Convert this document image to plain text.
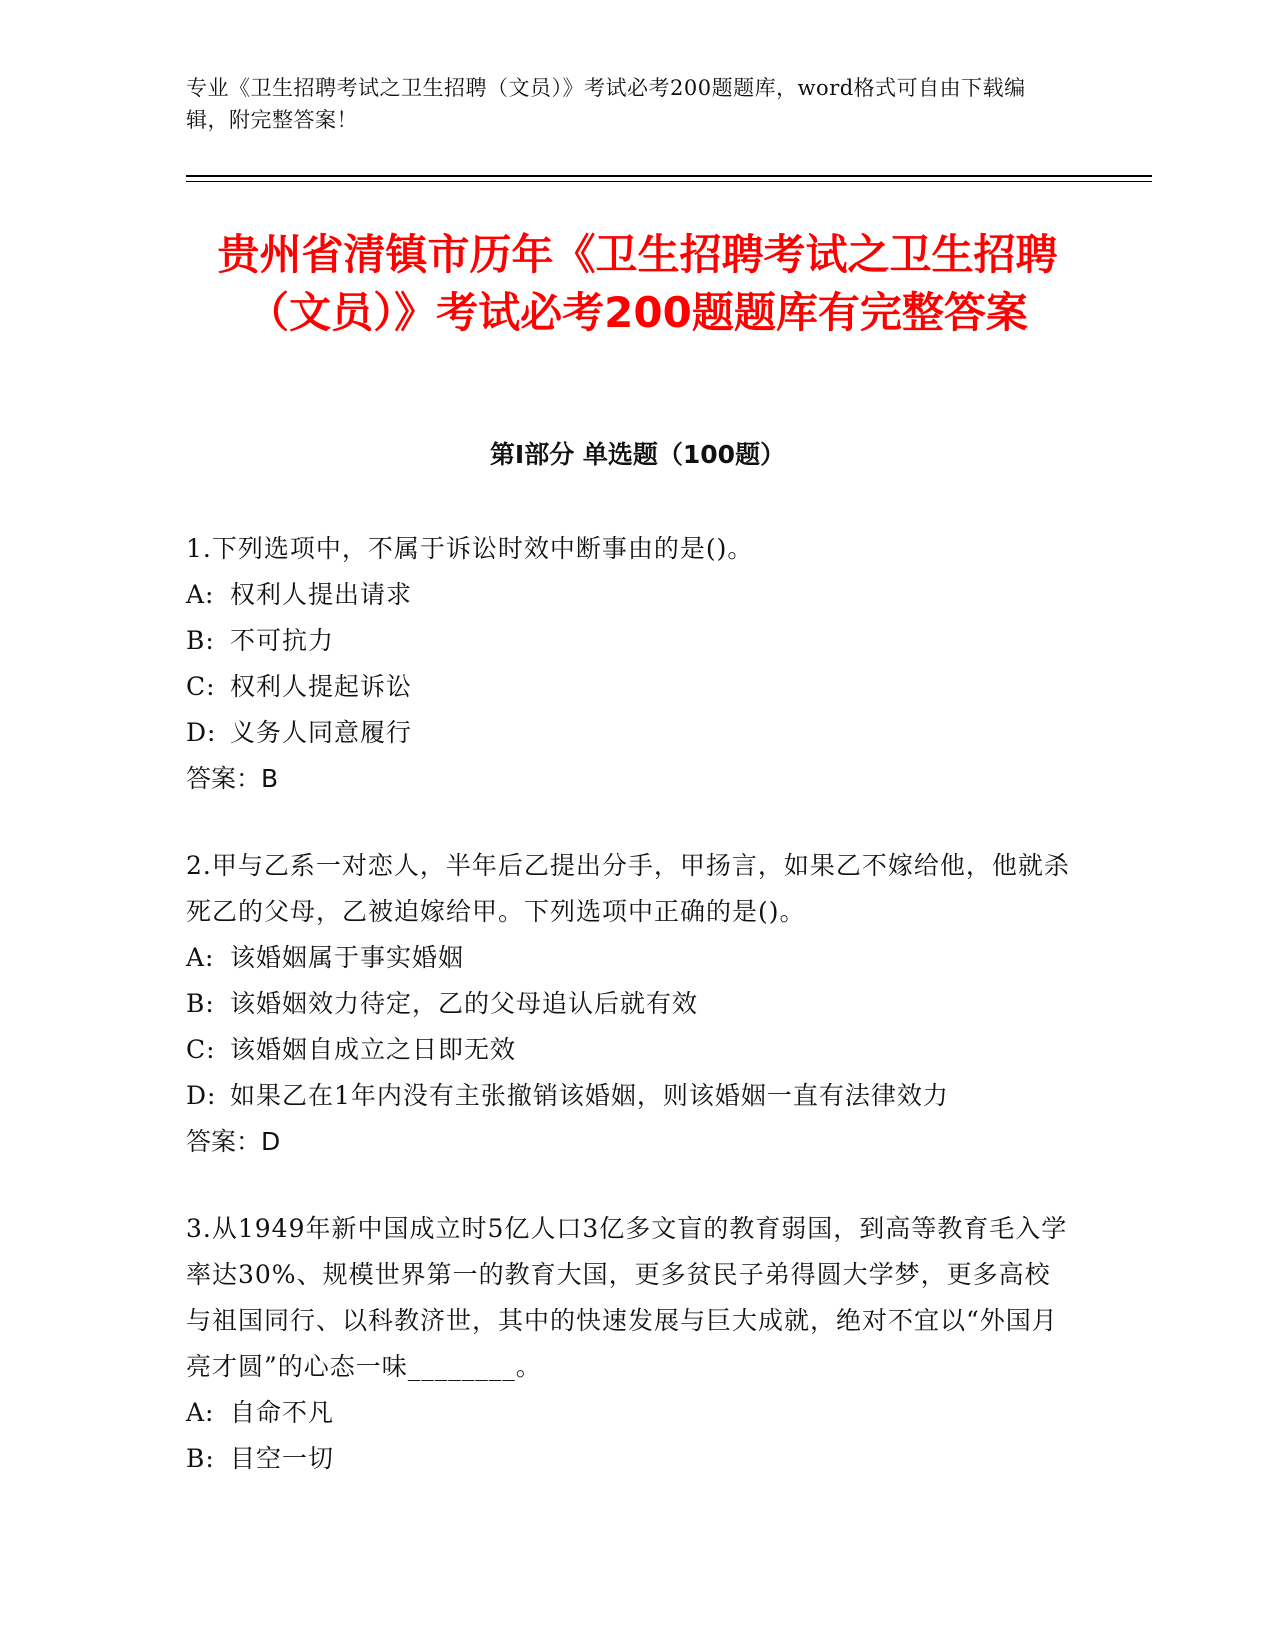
专业《卫生招聘考试之卫生招聘（文员）》考试必考200题题库，word格式可自由下载编辑，附完整答案！
贵州省清镇市历年《卫生招聘考试之卫生招聘（文员）》考试必考200题题库有完整答案
第I部分 单选题（100题）

1.下列选项中，不属于诉讼时效中断事由的是()。

A: 权利人提出请求

B: 不可抗力

C: 权利人提起诉讼

D: 义务人同意履行

答案：B

2.甲与乙系一对恋人，半年后乙提出分手，甲扬言，如果乙不嫁给他，他就杀死乙的父母，乙被迫嫁给甲。下列选项中正确的是()。

A: 该婚姻属于事实婚姻

B: 该婚姻效力待定，乙的父母追认后就有效

C: 该婚姻自成立之日即无效

D: 如果乙在1年内没有主张撤销该婚姻，则该婚姻一直有法律效力

答案：D

3.从1949年新中国成立时5亿人口3亿多文盲的教育弱国，到高等教育毛入学率达30%、规模世界第一的教育大国，更多贫民子弟得圆大学梦，更多高校与祖国同行、以科教济世，其中的快速发展与巨大成就，绝对不宜以“外国月亮才圆”的心态一味________。

A: 自命不凡

B: 目空一切
